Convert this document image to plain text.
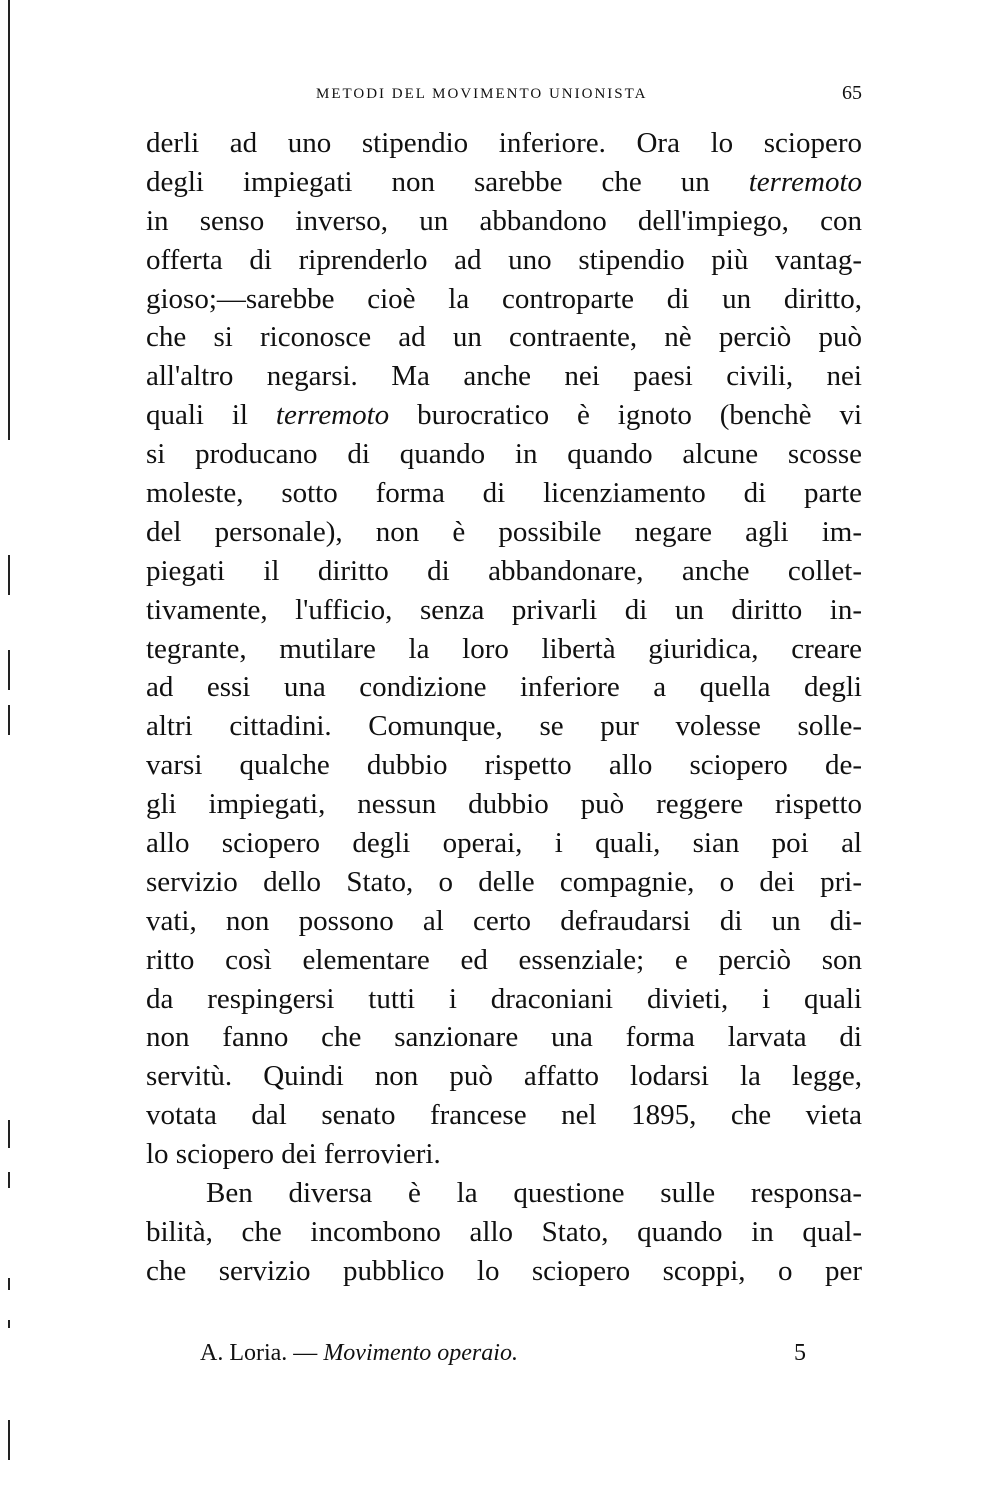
METODI DEL MOVIMENTO UNIONISTA	65
derli ad uno stipendio inferiore. Ora lo sciopero
degli impiegati non sarebbe che un terremoto
in senso inverso, un abbandono dell'impiego, con
offerta di riprenderlo ad uno stipendio più vantag-
gioso;—sarebbe cioè la controparte di un diritto,
che si riconosce ad un contraente, nè perciò può
all'altro negarsi. Ma anche nei paesi civili, nei
quali il terremoto burocratico è ignoto (benchè vi
si producano di quando in quando alcune scosse
moleste, sotto forma di licenziamento di parte
del personale), non è possibile negare agli im-
piegati il diritto di abbandonare, anche collet-
tivamente, l'ufficio, senza privarli di un diritto in-
tegrante, mutilare la loro libertà giuridica, creare
ad essi una condizione inferiore a quella degli
altri cittadini. Comunque, se pur volesse solle-
varsi qualche dubbio rispetto allo sciopero de-
gli impiegati, nessun dubbio può reggere rispetto
allo sciopero degli operai, i quali, sian poi al
servizio dello Stato, o delle compagnie, o dei pri-
vati, non possono al certo defraudarsi di un di-
ritto così elementare ed essenziale; e perciò son
da respingersi tutti i draconiani divieti, i quali
non fanno che sanzionare una forma larvata di
servitù. Quindi non può affatto lodarsi la legge,
votata dal senato francese nel 1895, che vieta
lo sciopero dei ferrovieri.
Ben diversa è la questione sulle responsa-
bilità, che incombono allo Stato, quando in qual-
che servizio pubblico lo sciopero scoppi, o per
A. Loria. — Movimento operaio.	5
